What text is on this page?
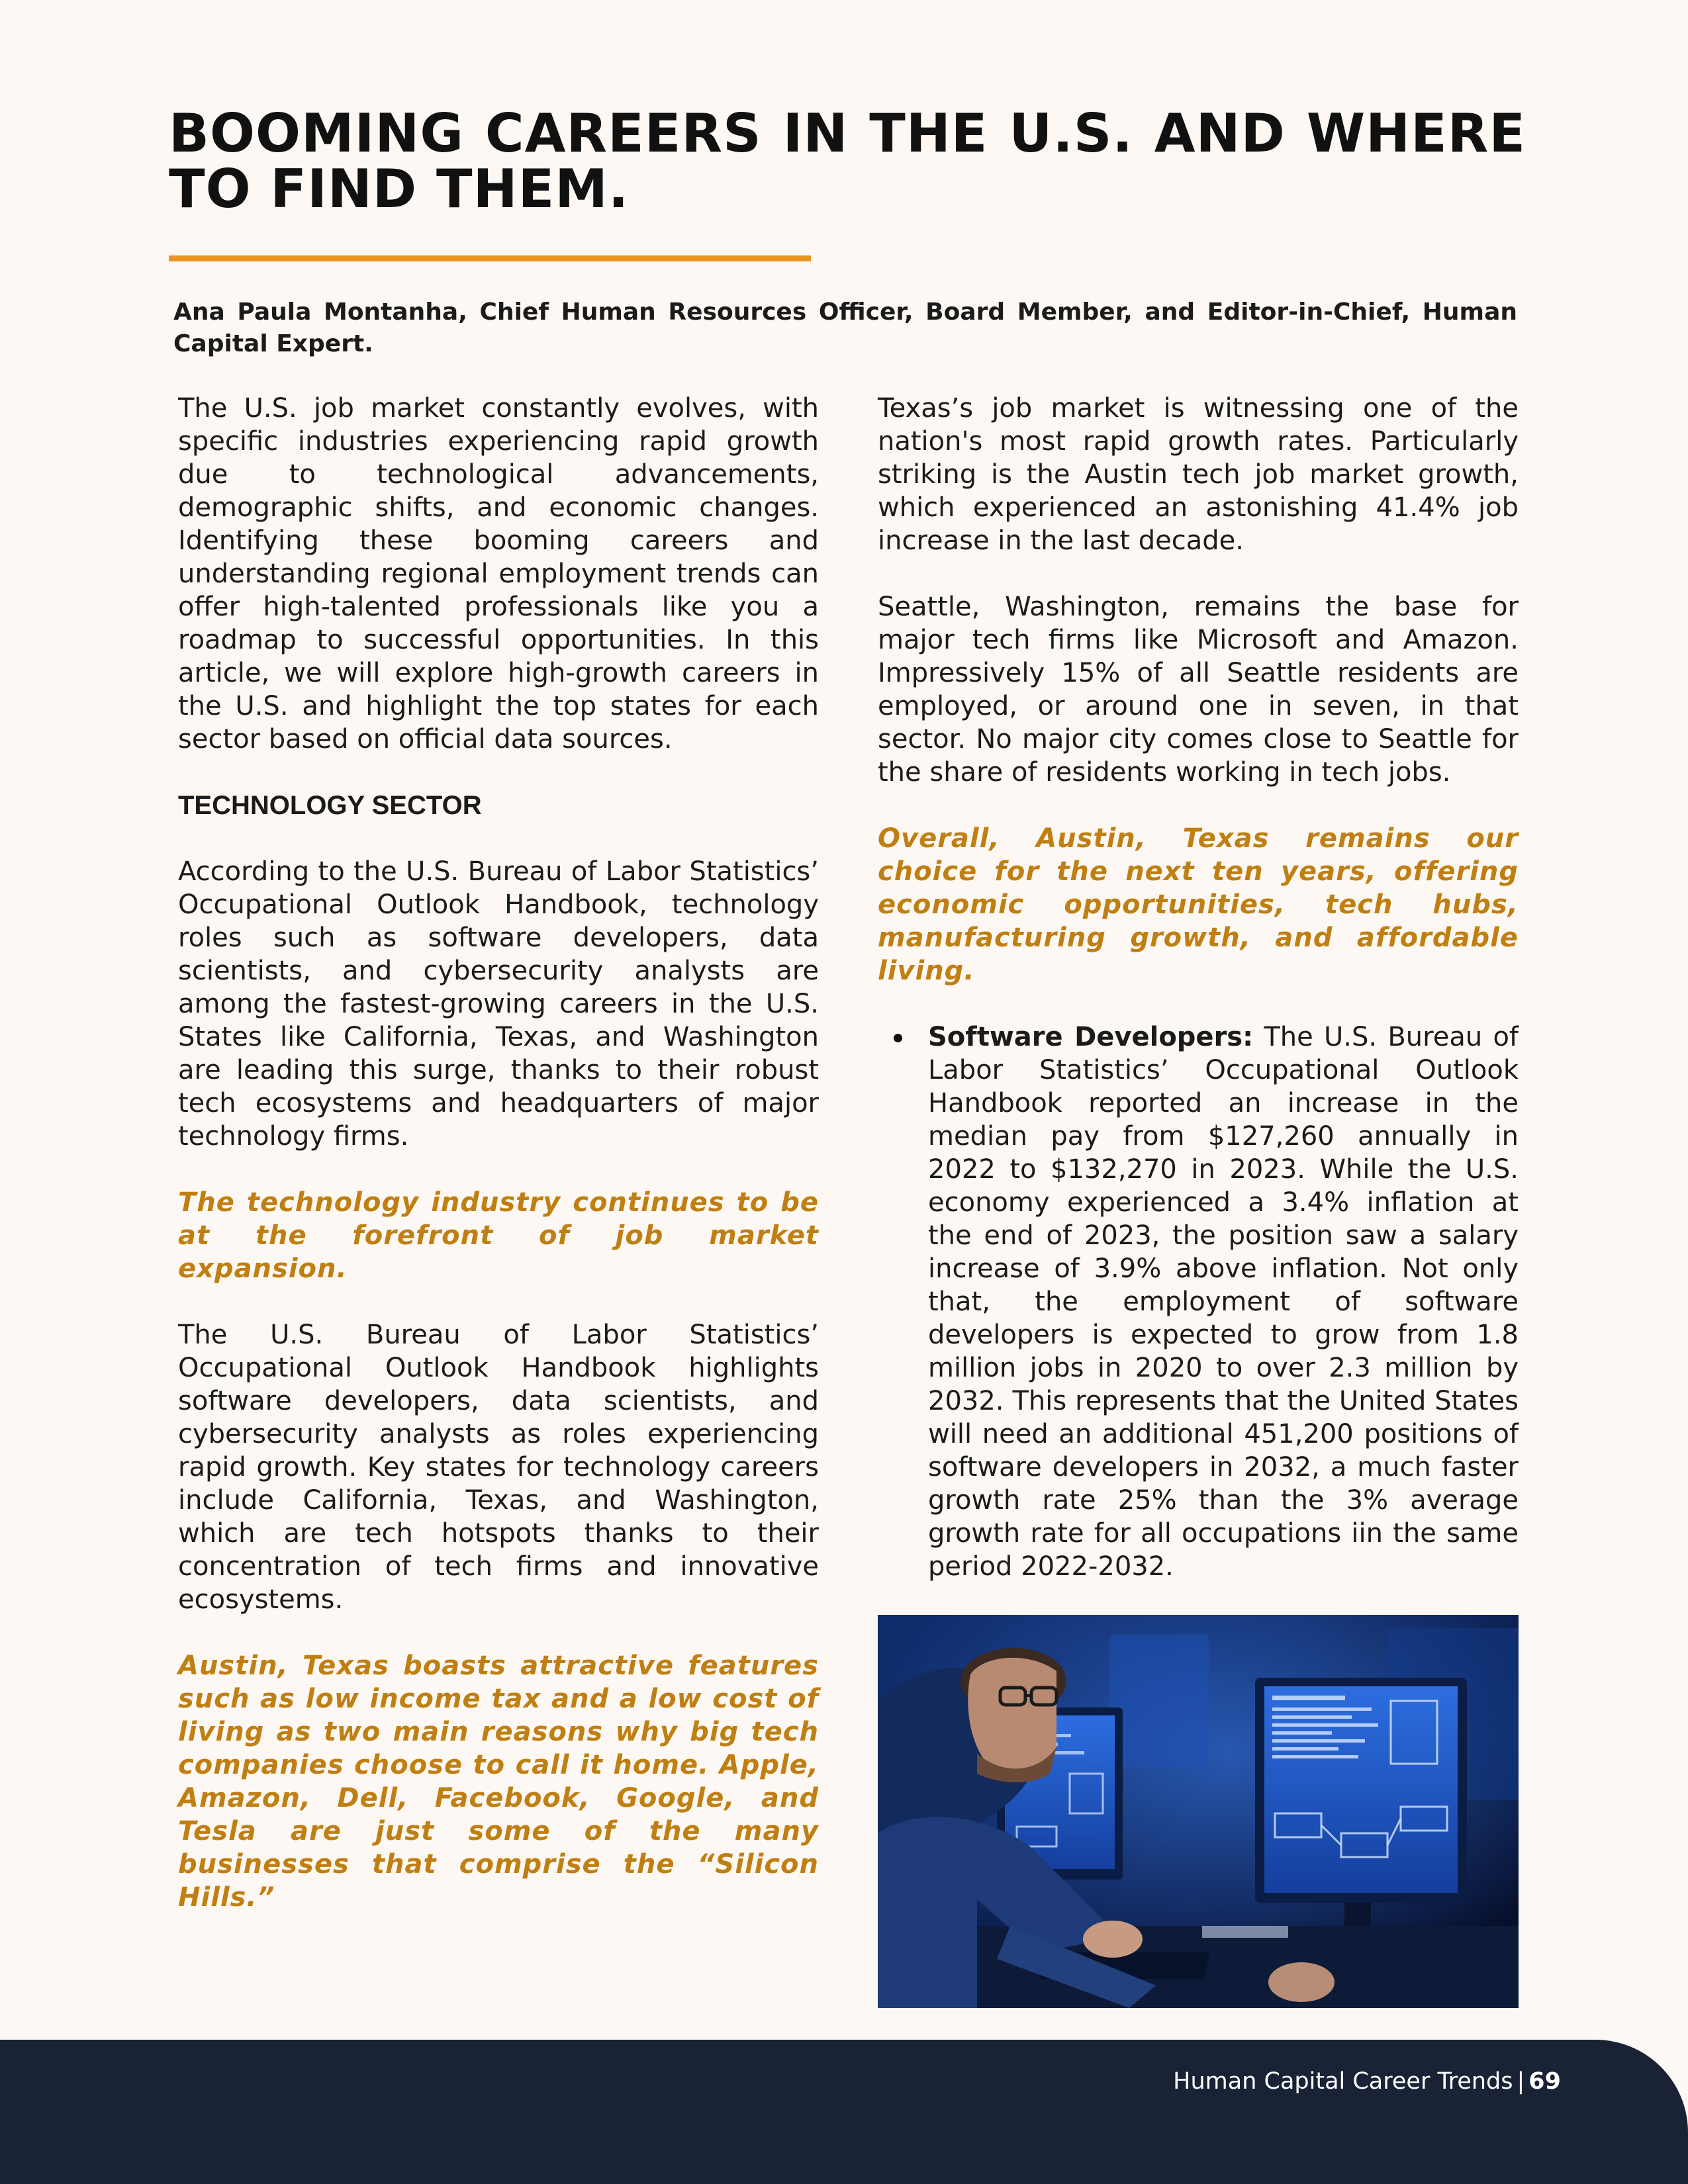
BOOMING CAREERS IN THE U.S. AND WHERE TO FIND THEM.

Ana Paula Montanha, Chief Human Resources Officer, Board Member, and Editor-in-Chief, Human Capital Expert.

The U.S. job market constantly evolves, with specific industries experiencing rapid growth due to technological advancements, demographic shifts, and economic changes. Identifying these booming careers and understanding regional employment trends can offer high-talented professionals like you a roadmap to successful opportunities. In this article, we will explore high-growth careers in the U.S. and highlight the top states for each sector based on official data sources.

TECHNOLOGY SECTOR

According to the U.S. Bureau of Labor Statistics’ Occupational Outlook Handbook, technology roles such as software developers, data scientists, and cybersecurity analysts are among the fastest-growing careers in the U.S. States like California, Texas, and Washington are leading this surge, thanks to their robust tech ecosystems and headquarters of major technology firms.

The technology industry continues to be at the forefront of job market expansion.

The U.S. Bureau of Labor Statistics’ Occupational Outlook Handbook highlights software developers, data scientists, and cybersecurity analysts as roles experiencing rapid growth. Key states for technology careers include California, Texas, and Washington, which are tech hotspots thanks to their concentration of tech firms and innovative ecosystems.

Austin, Texas boasts attractive features such as low income tax and a low cost of living as two main reasons why big tech companies choose to call it home. Apple, Amazon, Dell, Facebook, Google, and Tesla are just some of the many businesses that comprise the “Silicon Hills.”

Texas’s job market is witnessing one of the nation's most rapid growth rates. Particularly striking is the Austin tech job market growth, which experienced an astonishing 41.4% job increase in the last decade.

Seattle, Washington, remains the base for major tech firms like Microsoft and Amazon. Impressively 15% of all Seattle residents are employed, or around one in seven, in that sector. No major city comes close to Seattle for the share of residents working in tech jobs.

Overall, Austin, Texas remains our choice for the next ten years, offering economic opportunities, tech hubs, manufacturing growth, and affordable living.

Software Developers: The U.S. Bureau of Labor Statistics’ Occupational Outlook Handbook reported an increase in the median pay from $127,260 annually in 2022 to $132,270 in 2023. While the U.S. economy experienced a 3.4% inflation at the end of 2023, the position saw a salary increase of 3.9% above inflation. Not only that, the employment of software developers is expected to grow from 1.8 million jobs in 2020 to over 2.3 million by 2032. This represents that the United States will need an additional 451,200 positions of software developers in 2032, a much faster growth rate 25% than the 3% average growth rate for all occupations iin the same period 2022-2032.
Human Capital Career Trends | 69
